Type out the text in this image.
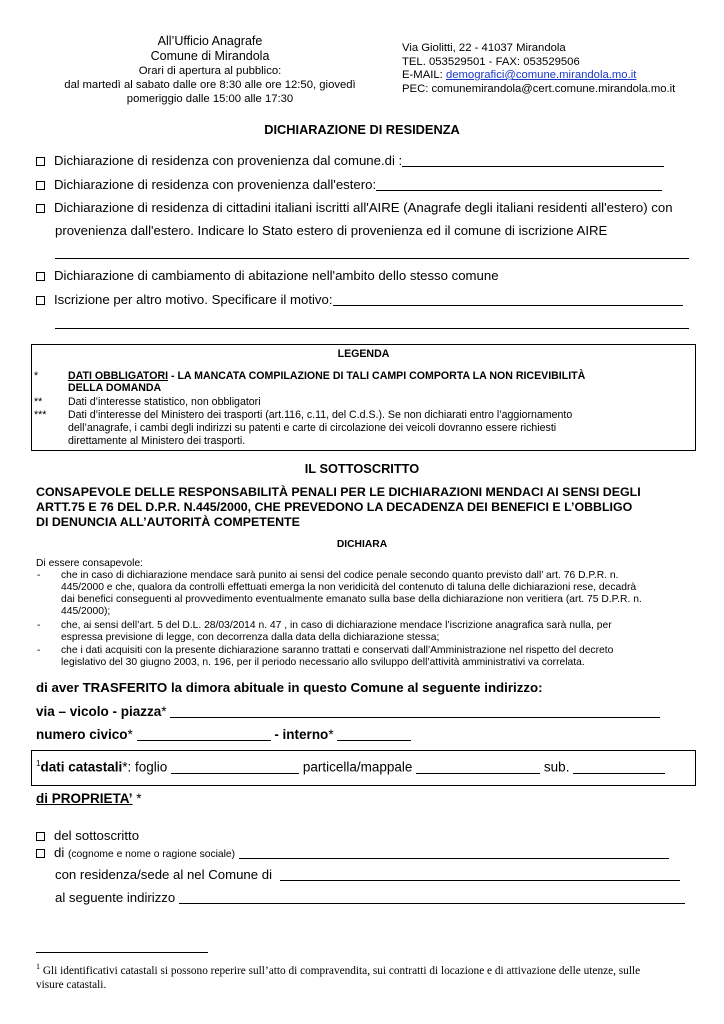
All’Ufficio Anagrafe
Comune di Mirandola
Orari di apertura al pubblico:
dal martedì al sabato dalle ore 8:30 alle ore 12:50, giovedì
pomeriggio dalle 15:00 alle 17:30
Via Giolitti, 22 - 41037 Mirandola
TEL. 053529501 - FAX: 053529506
E-MAIL: demografici@comune.mirandola.mo.it
PEC: comunemirandola@cert.comune.mirandola.mo.it
DICHIARAZIONE DI RESIDENZA
Dichiarazione di residenza con provenienza dal comune.di :
Dichiarazione di residenza con provenienza dall'estero:
Dichiarazione di residenza di cittadini italiani iscritti all'AIRE (Anagrafe degli italiani residenti all'estero) con
provenienza dall'estero. Indicare lo Stato estero di provenienza ed il comune di iscrizione AIRE
Dichiarazione di cambiamento di abitazione nell'ambito dello stesso comune
Iscrizione per altro motivo. Specificare il motivo:
LEGENDA
*	DATI OBBLIGATORI - LA MANCATA COMPILAZIONE DI TALI CAMPI COMPORTA LA NON RICEVIBILITÀ
DELLA DOMANDA
** Dati d’interesse statistico, non obbligatori
*** Dati d’interesse del Ministero dei trasporti (art.116, c.11, del C.d.S.). Se non dichiarati entro l’aggiornamento
dell’anagrafe, i cambi degli indirizzi su patenti e carte di circolazione dei veicoli dovranno essere richiesti
direttamente al Ministero dei trasporti.
IL SOTTOSCRITTO
CONSAPEVOLE DELLE RESPONSABILITÀ PENALI PER LE DICHIARAZIONI MENDACI AI SENSI DEGLI
ARTT.75 E 76 DEL D.P.R. N.445/2000, CHE PREVEDONO LA DECADENZA DEI BENEFICI E L’OBBLIGO
DI DENUNCIA ALL’AUTORITÀ COMPETENTE
DICHIARA
Di essere consapevole:
- che in caso di dichiarazione mendace sarà punito ai sensi del codice penale secondo quanto previsto dall’ art. 76 D.P.R. n.
445/2000 e che, qualora da controlli effettuati emerga la non veridicità del contenuto di taluna delle dichiarazioni rese, decadrà
dai benefici conseguenti al provvedimento eventualmente emanato sulla base della dichiarazione non veritiera (art. 75 D.P.R. n.
445/2000);
- che, ai sensi dell’art. 5 del D.L. 28/03/2014 n. 47 , in caso di dichiarazione mendace l’iscrizione anagrafica sarà nulla, per
espressa previsione di legge, con decorrenza dalla data della dichiarazione stessa;
- che i dati acquisiti con la presente dichiarazione saranno trattati e conservati dall’Amministrazione nel rispetto del decreto
legislativo del 30 giugno 2003, n. 196, per il periodo necessario allo sviluppo dell’attività amministrativi va correlata.
di aver TRASFERITO la dimora abituale in questo Comune al seguente indirizzo:
via – vicolo - piazza*
numero civico*	- interno*
$^1$dati catastali*: foglio	particella/mappale	sub.
di PROPRIETA’ *
del sottoscritto
di (cognome e nome o ragione sociale)
con residenza/sede al nel Comune di
al seguente indirizzo
$^1$ Gli identificativi catastali si possono reperire sull’atto di compravendita, sui contratti di locazione e di attivazione delle utenze, sulle
visure catastali.
